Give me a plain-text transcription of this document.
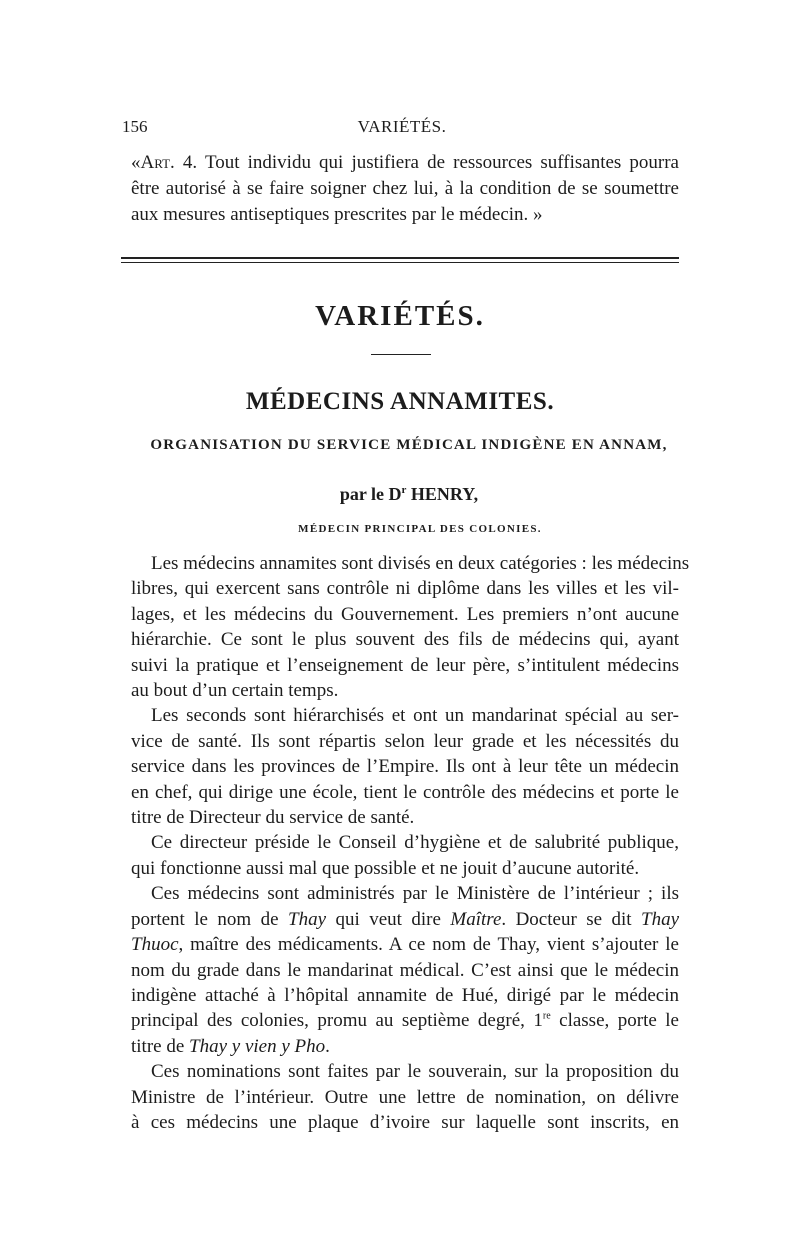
156	VARIÉTÉS.
«Art. 4. Tout individu qui justifiera de ressources suffisantes pourra
être autorisé à se faire soigner chez lui, à la condition de se soumettre
aux mesures antiseptiques prescrites par le médecin. »
VARIÉTÉS.
MÉDECINS ANNAMITES.
ORGANISATION DU SERVICE MÉDICAL INDIGÈNE EN ANNAM,
par le $D^r$ HENRY,
MÉDECIN PRINCIPAL DES COLONIES.
Les médecins annamites sont divisés en deux catégories : les médecins
libres, qui exercent sans contrôle ni diplôme dans les villes et les vil-
lages, et les médecins du Gouvernement. Les premiers n’ont aucune
hiérarchie. Ce sont le plus souvent des fils de médecins qui, ayant
suivi la pratique et l’enseignement de leur père, s’intitulent médecins
au bout d’un certain temps.
Les seconds sont hiérarchisés et ont un mandarinat spécial au ser-
vice de santé. Ils sont répartis selon leur grade et les nécessités du
service dans les provinces de l’Empire. Ils ont à leur tête un médecin
en chef, qui dirige une école, tient le contrôle des médecins et porte le
titre de Directeur du service de santé.
Ce directeur préside le Conseil d’hygiène et de salubrité publique,
qui fonctionne aussi mal que possible et ne jouit d’aucune autorité.
Ces médecins sont administrés par le Ministère de l’intérieur ; ils
portent le nom de Thay qui veut dire Maître. Docteur se dit Thay
Thuoc, maître des médicaments. A ce nom de Thay, vient s’ajouter le
nom du grade dans le mandarinat médical. C’est ainsi que le médecin
indigène attaché à l’hôpital annamite de Hué, dirigé par le médecin
principal des colonies, promu au septième degré, 1re classe, porte le
titre de Thay y vien y Pho.
Ces nominations sont faites par le souverain, sur la proposition du
Ministre de l’intérieur. Outre une lettre de nomination, on délivre
à ces médecins une plaque d’ivoire sur laquelle sont inscrits, en
